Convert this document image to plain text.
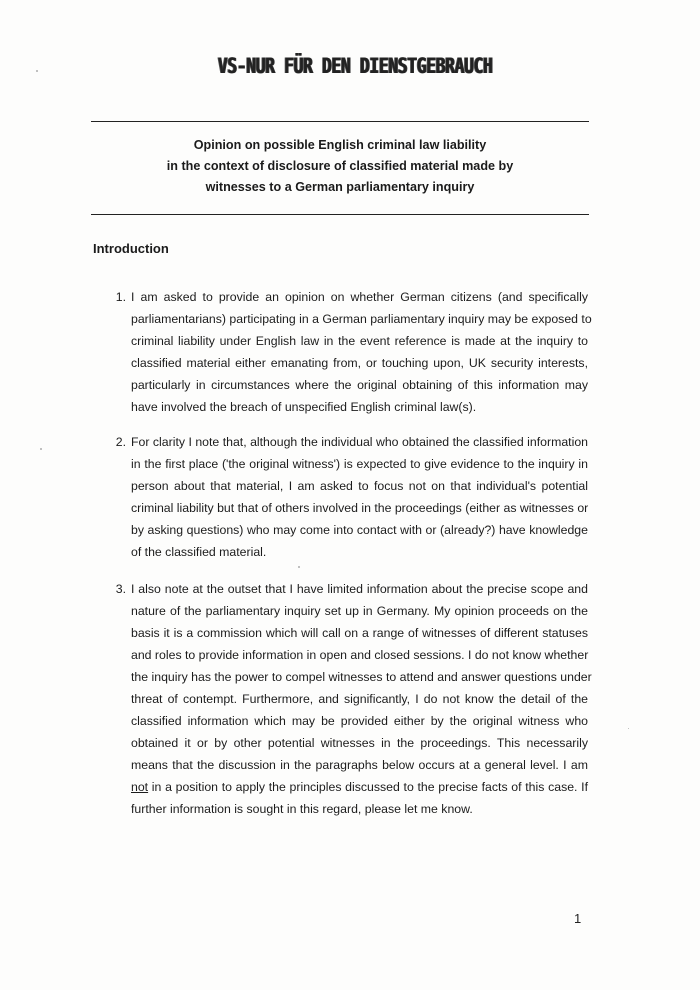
VS-NUR FÜR DEN DIENSTGEBRAUCH
Opinion on possible English criminal law liability
in the context of disclosure of classified material made by
witnesses to a German parliamentary inquiry
Introduction
1. I am asked to provide an opinion on whether German citizens (and specifically
parliamentarians) participating in a German parliamentary inquiry may be exposed to
criminal liability under English law in the event reference is made at the inquiry to
classified material either emanating from, or touching upon, UK security interests,
particularly in circumstances where the original obtaining of this information may
have involved the breach of unspecified English criminal law(s).
2. For clarity I note that, although the individual who obtained the classified information
in the first place ('the original witness') is expected to give evidence to the inquiry in
person about that material, I am asked to focus not on that individual's potential
criminal liability but that of others involved in the proceedings (either as witnesses or
by asking questions) who may come into contact with or (already?) have knowledge
of the classified material.
3. I also note at the outset that I have limited information about the precise scope and
nature of the parliamentary inquiry set up in Germany. My opinion proceeds on the
basis it is a commission which will call on a range of witnesses of different statuses
and roles to provide information in open and closed sessions. I do not know whether
the inquiry has the power to compel witnesses to attend and answer questions under
threat of contempt. Furthermore, and significantly, I do not know the detail of the
classified information which may be provided either by the original witness who
obtained it or by other potential witnesses in the proceedings. This necessarily
means that the discussion in the paragraphs below occurs at a general level. I am
not in a position to apply the principles discussed to the precise facts of this case. If
further information is sought in this regard, please let me know.
1
